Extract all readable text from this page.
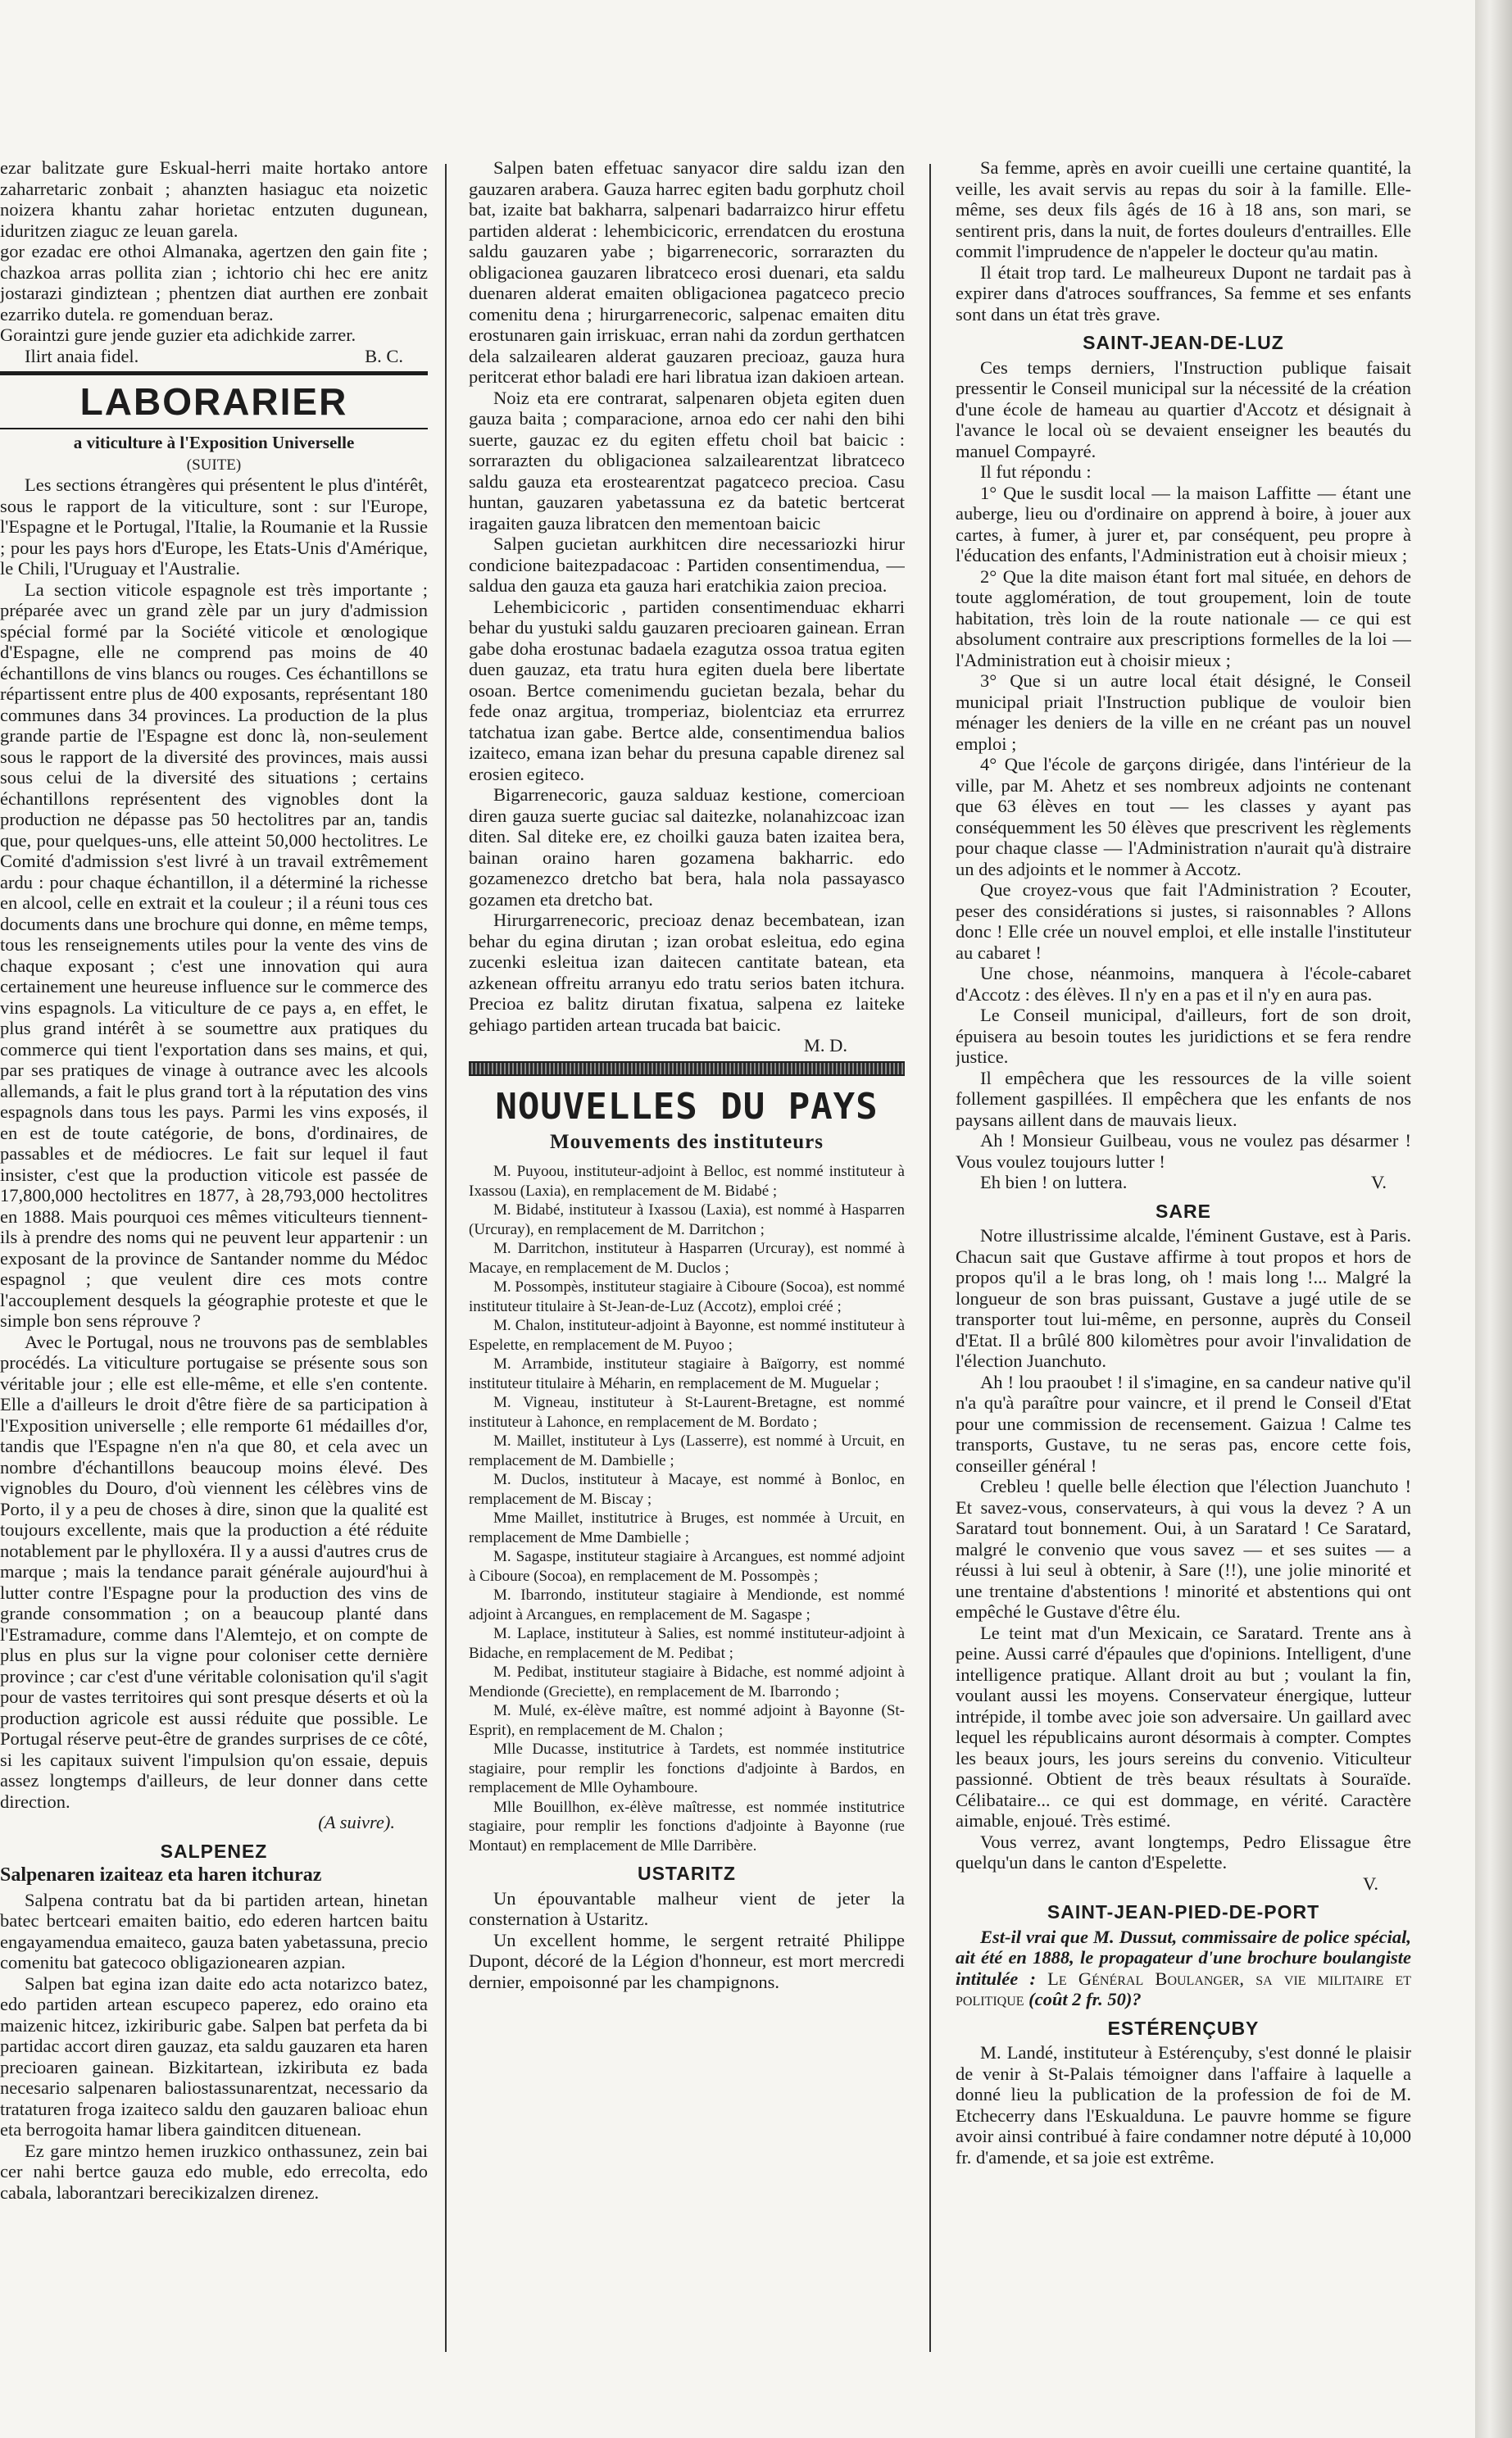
ezar balitzate gure Eskual-herri maite hortako antore zaharretaric zonbait ; ahanzten hasiaguc eta noizetic noizera khantu zahar horietac entzuten dugunean, iduritzen ziaguc ze leuan garela.

gor ezadac ere othoi Almanaka, agertzen den gain fite ; chazkoa arras pollita zian ; ichtorio chi hec ere anitz jostarazi gindiztean ; phentzen diat aurthen ere zonbait ezarriko dutela. re gomenduan beraz.

Goraintzi gure jende guzier eta adichkide zarrer.

Ilirt anaia fidel.	B. C.
LABORARIER
a viticulture à l'Exposition Universelle
(SUITE)

Les sections étrangères qui présentent le plus d'intérêt, sous le rapport de la viticulture, sont : sur l'Europe, l'Espagne et le Portugal, l'Italie, la Roumanie et la Russie ; pour les pays hors d'Europe, les Etats-Unis d'Amérique, le Chili, l'Uruguay et l'Australie.

La section viticole espagnole est très importante ; préparée avec un grand zèle par un jury d'admission spécial formé par la Société viticole et œnologique d'Espagne, elle ne comprend pas moins de 40 échantillons de vins blancs ou rouges. Ces échantillons se répartissent entre plus de 400 exposants, représentant 180 communes dans 34 provinces. La production de la plus grande partie de l'Espagne est donc là, non-seulement sous le rapport de la diversité des provinces, mais aussi sous celui de la diversité des situations ; certains échantillons représentent des vignobles dont la production ne dépasse pas 50 hectolitres par an, tandis que, pour quelques-uns, elle atteint 50,000 hectolitres. Le Comité d'admission s'est livré à un travail extrêmement ardu : pour chaque échantillon, il a déterminé la richesse en alcool, celle en extrait et la couleur ; il a réuni tous ces documents dans une brochure qui donne, en même temps, tous les renseignements utiles pour la vente des vins de chaque exposant ; c'est une innovation qui aura certainement une heureuse influence sur le commerce des vins espagnols. La viticulture de ce pays a, en effet, le plus grand intérêt à se soumettre aux pratiques du commerce qui tient l'exportation dans ses mains, et qui, par ses pratiques de vinage à outrance avec les alcools allemands, a fait le plus grand tort à la réputation des vins espagnols dans tous les pays. Parmi les vins exposés, il en est de toute catégorie, de bons, d'ordinaires, de passables et de médiocres. Le fait sur lequel il faut insister, c'est que la production viticole est passée de 17,800,000 hectolitres en 1877, à 28,793,000 hectolitres en 1888. Mais pourquoi ces mêmes viticulteurs tiennent-ils à prendre des noms qui ne peuvent leur appartenir : un exposant de la province de Santander nomme du Médoc espagnol ; que veulent dire ces mots contre l'accouplement desquels la géographie proteste et que le simple bon sens réprouve ?

Avec le Portugal, nous ne trouvons pas de semblables procédés. La viticulture portugaise se présente sous son véritable jour ; elle est elle-même, et elle s'en contente. Elle a d'ailleurs le droit d'être fière de sa participation à l'Exposition universelle ; elle remporte 61 médailles d'or, tandis que l'Espagne n'en n'a que 80, et cela avec un nombre d'échantillons beaucoup moins élevé. Des vignobles du Douro, d'où viennent les célèbres vins de Porto, il y a peu de choses à dire, sinon que la qualité est toujours excellente, mais que la production a été réduite notablement par le phylloxéra. Il y a aussi d'autres crus de marque ; mais la tendance parait générale aujourd'hui à lutter contre l'Espagne pour la production des vins de grande consommation ; on a beaucoup planté dans l'Estramadure, comme dans l'Alemtejo, et on compte de plus en plus sur la vigne pour coloniser cette dernière province ; car c'est d'une véritable colonisation qu'il s'agit pour de vastes territoires qui sont presque déserts et où la production agricole est aussi réduite que possible. Le Portugal réserve peut-être de grandes surprises de ce côté, si les capitaux suivent l'impulsion qu'on essaie, depuis assez longtemps d'ailleurs, de leur donner dans cette direction.

(A suivre).
SALPENEZ
Salpenaren izaiteaz eta haren itchuraz

Salpena contratu bat da bi partiden artean, hinetan batec bertceari emaiten baitio, edo ederen hartcen baitu engayamendua emaiteco, gauza baten yabetassuna, precio comenitu bat gatecoco obligazionearen azpian.

Salpen bat egina izan daite edo acta notarizco batez, edo partiden artean escupeco paperez, edo oraino eta maizenic hitcez, izkiriburic gabe. Salpen bat perfeta da bi partidac accort diren gauzaz, eta saldu gauzaren eta haren precioaren gainean. Bizkitartean, izkiributa ez bada necesario salpenaren baliostassunarentzat, necessario da trataturen froga izaiteco saldu den gauzaren balioac ehun eta berrogoita hamar libera gainditcen dituenean.

Ez gare mintzo hemen iruzkico onthassunez, zein bai cer nahi bertce gauza edo muble, edo errecolta, edo cabala, laborantzari berecikizalzen direnez.

Salpen baten effetuac sanyacor dire saldu izan den gauzaren arabera. Gauza harrec egiten badu gorphutz choil bat, izaite bat bakharra, salpenari badarraizco hirur effetu partiden alderat : lehembicicoric, errendatcen du erostuna saldu gauzaren yabe ; bigarrenecoric, sorrarazten du obligacionea gauzaren libratceco erosi duenari, eta saldu duenaren alderat emaiten obligacionea pagatceco precio comenitu dena ; hirurgarrenecoric, salpenac emaiten ditu erostunaren gain irriskuac, erran nahi da zordun gerthatcen dela salzailearen alderat gauzaren precioaz, gauza hura peritcerat ethor baladi ere hari libratua izan dakioen artean.

Noiz eta ere contrarat, salpenaren objeta egiten duen gauza baita ; comparacione, arnoa edo cer nahi den bihi suerte, gauzac ez du egiten effetu choil bat baicic : sorrarazten du obligacionea salzailearentzat libratceco saldu gauza eta erostearentzat pagatceco precioa. Casu huntan, gauzaren yabetassuna ez da batetic bertcerat iragaiten gauza libratcen den mementoan baicic

Salpen gucietan aurkhitcen dire necessariozki hirur condicione baitezpadacoac : Partiden consentimendua, — saldua den gauza eta gauza hari eratchikia zaion precioa.

Lehembicicoric , partiden consentimenduac ekharri behar du yustuki saldu gauzaren precioaren gainean. Erran gabe doha erostunac badaela ezagutza ossoa tratua egiten duen gauzaz, eta tratu hura egiten duela bere libertate osoan. Bertce comenimendu gucietan bezala, behar du fede onaz argitua, tromperiaz, biolentciaz eta errurrez tatchatua izan gabe. Bertce alde, consentimendua balios izaiteco, emana izan behar du presuna capable direnez sal erosien egiteco.

Bigarrenecoric, gauza salduaz kestione, comercioan diren gauza suerte guciac sal daitezke, nolanahizcoac izan diten. Sal diteke ere, ez choilki gauza baten izaitea bera, bainan oraino haren gozamena bakharric. edo gozamenezco dretcho bat bera, hala nola passayasco gozamen eta dretcho bat.

Hirurgarrenecoric, precioaz denaz becembatean, izan behar du egina dirutan ; izan orobat esleitua, edo egina zucenki esleitua izan daitecen cantitate batean, eta azkenean offreitu arranyu edo tratu serios baten itchura. Precioa ez balitz dirutan fixatua, salpena ez laiteke gehiago partiden artean trucada bat baicic.

M. D.
NOUVELLES DU PAYS
Mouvements des instituteurs

M. Puyoou, instituteur-adjoint à Belloc, est nommé instituteur à Ixassou (Laxia), en remplacement de M. Bidabé ;

M. Bidabé, instituteur à Ixassou (Laxia), est nommé à Hasparren (Urcuray), en remplacement de M. Darritchon ;

M. Darritchon, instituteur à Hasparren (Urcuray), est nommé à Macaye, en remplacement de M. Duclos ;

M. Possompès, instituteur stagiaire à Ciboure (Socoa), est nommé instituteur titulaire à St-Jean-de-Luz (Accotz), emploi créé ;

M. Chalon, instituteur-adjoint à Bayonne, est nommé instituteur à Espelette, en remplacement de M. Puyoo ;

M. Arrambide, instituteur stagiaire à Baïgorry, est nommé instituteur titulaire à Méharin, en remplacement de M. Muguelar ;

M. Vigneau, instituteur à St-Laurent-Bretagne, est nommé instituteur à Lahonce, en remplacement de M. Bordato ;

M. Maillet, instituteur à Lys (Lasserre), est nommé à Urcuit, en remplacement de M. Dambielle ;

M. Duclos, instituteur à Macaye, est nommé à Bonloc, en remplacement de M. Biscay ;

Mme Maillet, institutrice à Bruges, est nommée à Urcuit, en remplacement de Mme Dambielle ;

M. Sagaspe, instituteur stagiaire à Arcangues, est nommé adjoint à Ciboure (Socoa), en remplacement de M. Possompès ;

M. Ibarrondo, instituteur stagiaire à Mendionde, est nommé adjoint à Arcangues, en remplacement de M. Sagaspe ;

M. Laplace, instituteur à Salies, est nommé instituteur-adjoint à Bidache, en remplacement de M. Pedibat ;

M. Pedibat, instituteur stagiaire à Bidache, est nommé adjoint à Mendionde (Greciette), en remplacement de M. Ibarrondo ;

M. Mulé, ex-élève maître, est nommé adjoint à Bayonne (St-Esprit), en remplacement de M. Chalon ;

Mlle Ducasse, institutrice à Tardets, est nommée institutrice stagiaire, pour remplir les fonctions d'adjointe à Bardos, en remplacement de Mlle Oyhamboure.

Mlle Bouillhon, ex-élève maîtresse, est nommée institutrice stagiaire, pour remplir les fonctions d'adjointe à Bayonne (rue Montaut) en remplacement de Mlle Darribère.

USTARITZ

Un épouvantable malheur vient de jeter la consternation à Ustaritz.

Un excellent homme, le sergent retraité Philippe Dupont, décoré de la Légion d'honneur, est mort mercredi dernier, empoisonné par les champignons.

Sa femme, après en avoir cueilli une certaine quantité, la veille, les avait servis au repas du soir à la famille. Elle-même, ses deux fils âgés de 16 à 18 ans, son mari, se sentirent pris, dans la nuit, de fortes douleurs d'entrailles. Elle commit l'imprudence de n'appeler le docteur qu'au matin.

Il était trop tard. Le malheureux Dupont ne tardait pas à expirer dans d'atroces souffrances, Sa femme et ses enfants sont dans un état très grave.

SAINT-JEAN-DE-LUZ

Ces temps derniers, l'Instruction publique faisait pressentir le Conseil municipal sur la nécessité de la création d'une école de hameau au quartier d'Accotz et désignait à l'avance le local où se devaient enseigner les beautés du manuel Compayré.

Il fut répondu :

1° Que le susdit local — la maison Laffitte — étant une auberge, lieu ou d'ordinaire on apprend à boire, à jouer aux cartes, à fumer, à jurer et, par conséquent, peu propre à l'éducation des enfants, l'Administration eut à choisir mieux ;

2° Que la dite maison étant fort mal située, en dehors de toute agglomération, de tout groupement, loin de toute habitation, très loin de la route nationale — ce qui est absolument contraire aux prescriptions formelles de la loi — l'Administration eut à choisir mieux ;

3° Que si un autre local était désigné, le Conseil municipal priait l'Instruction publique de vouloir bien ménager les deniers de la ville en ne créant pas un nouvel emploi ;

4° Que l'école de garçons dirigée, dans l'intérieur de la ville, par M. Ahetz et ses nombreux adjoints ne contenant que 63 élèves en tout — les classes y ayant pas conséquemment les 50 élèves que prescrivent les règlements pour chaque classe — l'Administration n'aurait qu'à distraire un des adjoints et le nommer à Accotz.

Que croyez-vous que fait l'Administration ? Ecouter, peser des considérations si justes, si raisonnables ? Allons donc ! Elle crée un nouvel emploi, et elle installe l'instituteur au cabaret !

Une chose, néanmoins, manquera à l'école-cabaret d'Accotz : des élèves. Il n'y en a pas et il n'y en aura pas.

Le Conseil municipal, d'ailleurs, fort de son droit, épuisera au besoin toutes les juridictions et se fera rendre justice.

Il empêchera que les ressources de la ville soient follement gaspillées. Il empêchera que les enfants de nos paysans aillent dans de mauvais lieux.

Ah ! Monsieur Guilbeau, vous ne voulez pas désarmer ! Vous voulez toujours lutter !

Eh bien ! on luttera.	V.
SARE

Notre illustrissime alcalde, l'éminent Gustave, est à Paris. Chacun sait que Gustave affirme à tout propos et hors de propos qu'il a le bras long, oh ! mais long !... Malgré la longueur de son bras puissant, Gustave a jugé utile de se transporter tout lui-même, en personne, auprès du Conseil d'Etat. Il a brûlé 800 kilomètres pour avoir l'invalidation de l'élection Juanchuto.

Ah ! lou praoubet ! il s'imagine, en sa candeur native qu'il n'a qu'à paraître pour vaincre, et il prend le Conseil d'Etat pour une commission de recensement. Gaizua ! Calme tes transports, Gustave, tu ne seras pas, encore cette fois, conseiller général !

Crebleu ! quelle belle élection que l'élection Juanchuto ! Et savez-vous, conservateurs, à qui vous la devez ? A un Saratard tout bonnement. Oui, à un Saratard ! Ce Saratard, malgré le convenio que vous savez — et ses suites — a réussi à lui seul à obtenir, à Sare (!!), une jolie minorité et une trentaine d'abstentions ! minorité et abstentions qui ont empêché le Gustave d'être élu.

Le teint mat d'un Mexicain, ce Saratard. Trente ans à peine. Aussi carré d'épaules que d'opinions. Intelligent, d'une intelligence pratique. Allant droit au but ; voulant la fin, voulant aussi les moyens. Conservateur énergique, lutteur intrépide, il tombe avec joie son adversaire. Un gaillard avec lequel les républicains auront désormais à compter. Comptes les beaux jours, les jours sereins du convenio. Viticulteur passionné. Obtient de très beaux résultats à Souraïde. Célibataire... ce qui est dommage, en vérité. Caractère aimable, enjoué. Très estimé.

Vous verrez, avant longtemps, Pedro Elissague être quelqu'un dans le canton d'Espelette.

V.
SAINT-JEAN-PIED-DE-PORT

Est-il vrai que M. Dussut, commissaire de police spécial, ait été en 1888, le propagateur d'une brochure boulangiste intitulée : Le Général Boulanger, sa vie militaire et politique (coût 2 fr. 50)?

ESTÉRENÇUBY

M. Landé, instituteur à Estérençuby, s'est donné le plaisir de venir à St-Palais témoigner dans l'affaire à laquelle a donné lieu la publication de la profession de foi de M. Etchecerry dans l'Eskualduna. Le pauvre homme se figure avoir ainsi contribué à faire condamner notre député à 10,000 fr. d'amende, et sa joie est extrême.
